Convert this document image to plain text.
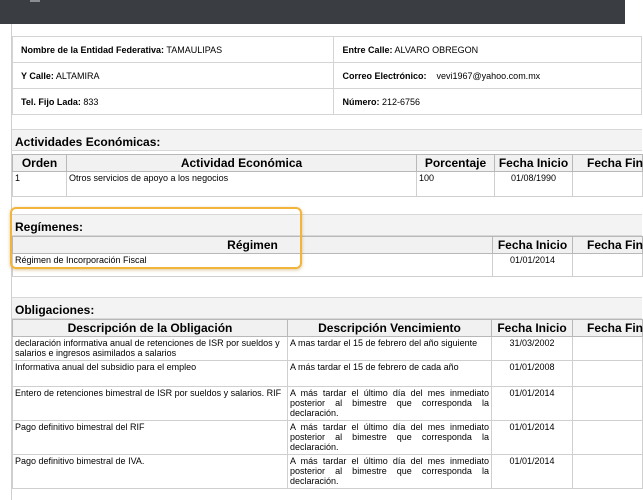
Nombre de la Entidad Federativa: TAMAULIPAS	Entre Calle: ALVARO OBREGON
Y Calle: ALTAMIRA	Correo Electrónico: vevi1967@yahoo.com.mx
Tel. Fijo Lada: 833	Número: 212-6756
Actividades Económicas:
Orden	Actividad Económica	Porcentaje	Fecha Inicio	Fecha Fin
1	Otros servicios de apoyo a los negocios	100	01/08/1990	
Regímenes:
Régimen	Fecha Inicio	Fecha Fin
Régimen de Incorporación Fiscal	01/01/2014	
Obligaciones:
Descripción de la Obligación	Descripción Vencimiento	Fecha Inicio	Fecha Fin
declaración informativa anual de retenciones de ISR por sueldos y salarios e ingresos asimilados a salarios	A mas tardar el 15 de febrero del año siguiente	31/03/2002	
Informativa anual del subsidio para el empleo	A más tardar el 15 de febrero de cada año	01/01/2008	
Entero de retenciones bimestral de ISR por sueldos y salarios. RIF	A más tardar el último día del mes inmediato posterior al bimestre que corresponda la declaración.	01/01/2014	
Pago definitivo bimestral del RIF	A más tardar el último día del mes inmediato posterior al bimestre que corresponda la declaración.	01/01/2014	
Pago definitivo bimestral de IVA.	A más tardar el último día del mes inmediato posterior al bimestre que corresponda la declaración.	01/01/2014	
